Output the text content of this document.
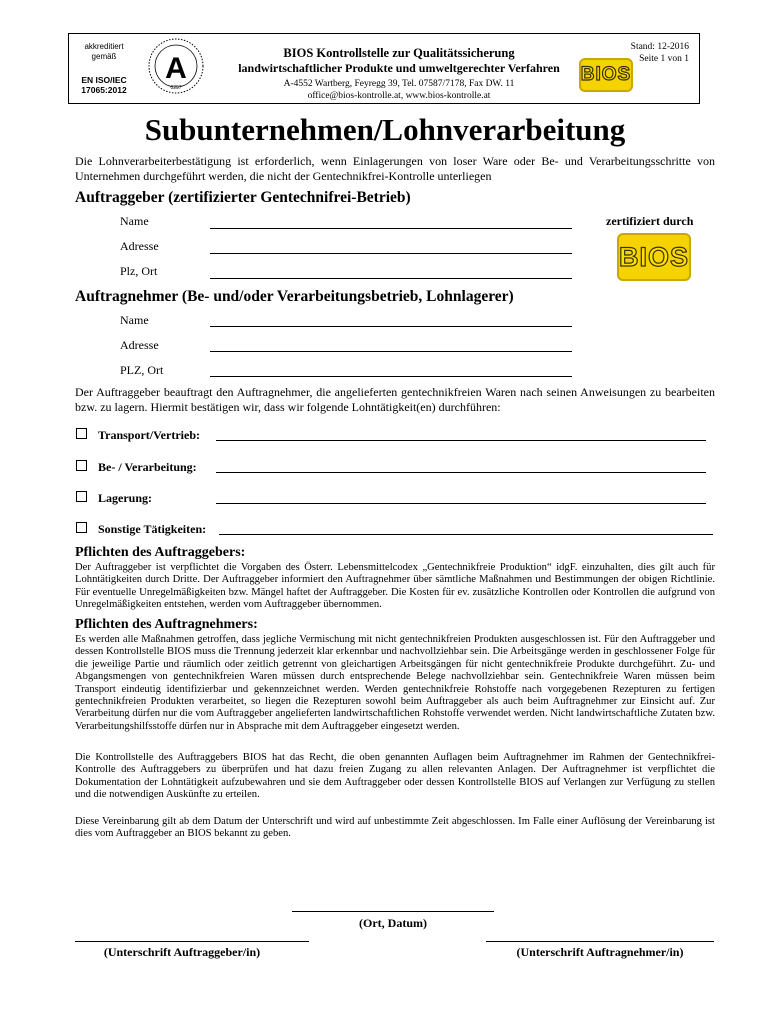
akkreditiert
gemäß
EN ISO/IEC
17065:2012
A
0297
BIOS Kontrollstelle zur Qualitätssicherung
landwirtschaftlicher Produkte und umweltgerechter Verfahren
A-4552 Wartberg, Feyregg 39, Tel. 07587/7178, Fax DW. 11
office@bios-kontrolle.at, www.bios-kontrolle.at
Stand: 12-2016
Seite 1 von 1
BIOS
Subunternehmen/Lohnverarbeitung
Die Lohnverarbeiterbestätigung ist erforderlich, wenn Einlagerungen von loser Ware oder Be- und Verarbeitungsschritte von Unternehmen durchgeführt werden, die nicht der Gentechnikfrei-Kontrolle unterliegen
Auftraggeber (zertifizierter Gentechnifrei-Betrieb)
Name
Adresse
Plz, Ort
zertifiziert durch
BIOS
Auftragnehmer (Be- und/oder Verarbeitungsbetrieb, Lohnlagerer)
Name
Adresse
PLZ, Ort
Der Auftraggeber beauftragt den Auftragnehmer, die angelieferten gentechnikfreien Waren nach seinen Anweisungen zu bearbeiten bzw. zu lagern. Hiermit bestätigen wir, dass wir folgende Lohntätigkeit(en) durchführen:
Transport/Vertrieb:
Be- / Verarbeitung:
Lagerung:
Sonstige Tätigkeiten:
Pflichten des Auftraggebers:
Der Auftraggeber ist verpflichtet die Vorgaben des Österr. Lebensmittelcodex „Gentechnikfreie Produktion“ idgF. einzuhalten, dies gilt auch für Lohntätigkeiten durch Dritte. Der Auftraggeber informiert den Auftragnehmer über sämtliche Maßnahmen und Bestimmungen der obigen Richtlinie. Für eventuelle Unregelmäßigkeiten bzw. Mängel haftet der Auftraggeber. Die Kosten für ev. zusätzliche Kontrollen oder Kontrollen die aufgrund von Unregelmäßigkeiten entstehen, werden vom Auftraggeber übernommen.
Pflichten des Auftragnehmers:
Es werden alle Maßnahmen getroffen, dass jegliche Vermischung mit nicht gentechnikfreien Produkten ausgeschlossen ist. Für den Auftraggeber und dessen Kontrollstelle BIOS muss die Trennung jederzeit klar erkennbar und nachvollziehbar sein. Die Arbeitsgänge werden in geschlossener Folge für die jeweilige Partie und räumlich oder zeitlich getrennt von gleichartigen Arbeitsgängen für nicht gentechnikfreie Produkte durchgeführt. Zu- und Abgangsmengen von gentechnikfreien Waren müssen durch entsprechende Belege nachvollziehbar sein. Gentechnikfreie Waren müssen beim Transport eindeutig identifizierbar und gekennzeichnet werden. Werden gentechnikfreie Rohstoffe nach vorgegebenen Rezepturen zu fertigen gentechnikfreien Produkten verarbeitet, so liegen die Rezepturen sowohl beim Auftraggeber als auch beim Auftragnehmer zur Einsicht auf. Zur Verarbeitung dürfen nur die vom Auftraggeber angelieferten landwirtschaftlichen Rohstoffe verwendet werden. Nicht landwirtschaftliche Zutaten bzw. Verarbeitungshilfsstoffe dürfen nur in Absprache mit dem Auftraggeber eingesetzt werden.
Die Kontrollstelle des Auftraggebers BIOS hat das Recht, die oben genannten Auflagen beim Auftragnehmer im Rahmen der Gentechnikfrei-Kontrolle des Auftraggebers zu überprüfen und hat dazu freien Zugang zu allen relevanten Anlagen. Der Auftragnehmer ist verpflichtet die Dokumentation der Lohntätigkeit aufzubewahren und sie dem Auftraggeber oder dessen Kontrollstelle BIOS auf Verlangen zur Verfügung zu stellen und die notwendigen Auskünfte zu erteilen.
Diese Vereinbarung gilt ab dem Datum der Unterschrift und wird auf unbestimmte Zeit abgeschlossen. Im Falle einer Auflösung der Vereinbarung ist dies vom Auftraggeber an BIOS bekannt zu geben.
(Ort, Datum)
(Unterschrift Auftraggeber/in)	(Unterschrift Auftragnehmer/in)
